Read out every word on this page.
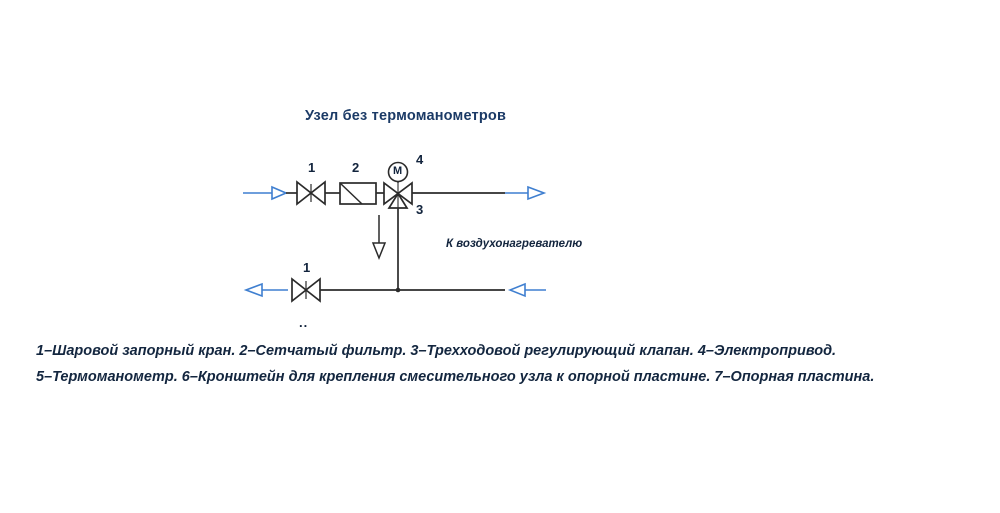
Узел без термоманометров
M
1	2
4
3
1
К воздухонагревателю
..
1–Шаровой запорный кран. 2–Сетчатый фильтр. 3–Трехходовой регулирующий клапан. 4–Электропривод.
5–Термоманометр. 6–Кронштейн для крепления смесительного узла к опорной пластине. 7–Опорная пластина.
